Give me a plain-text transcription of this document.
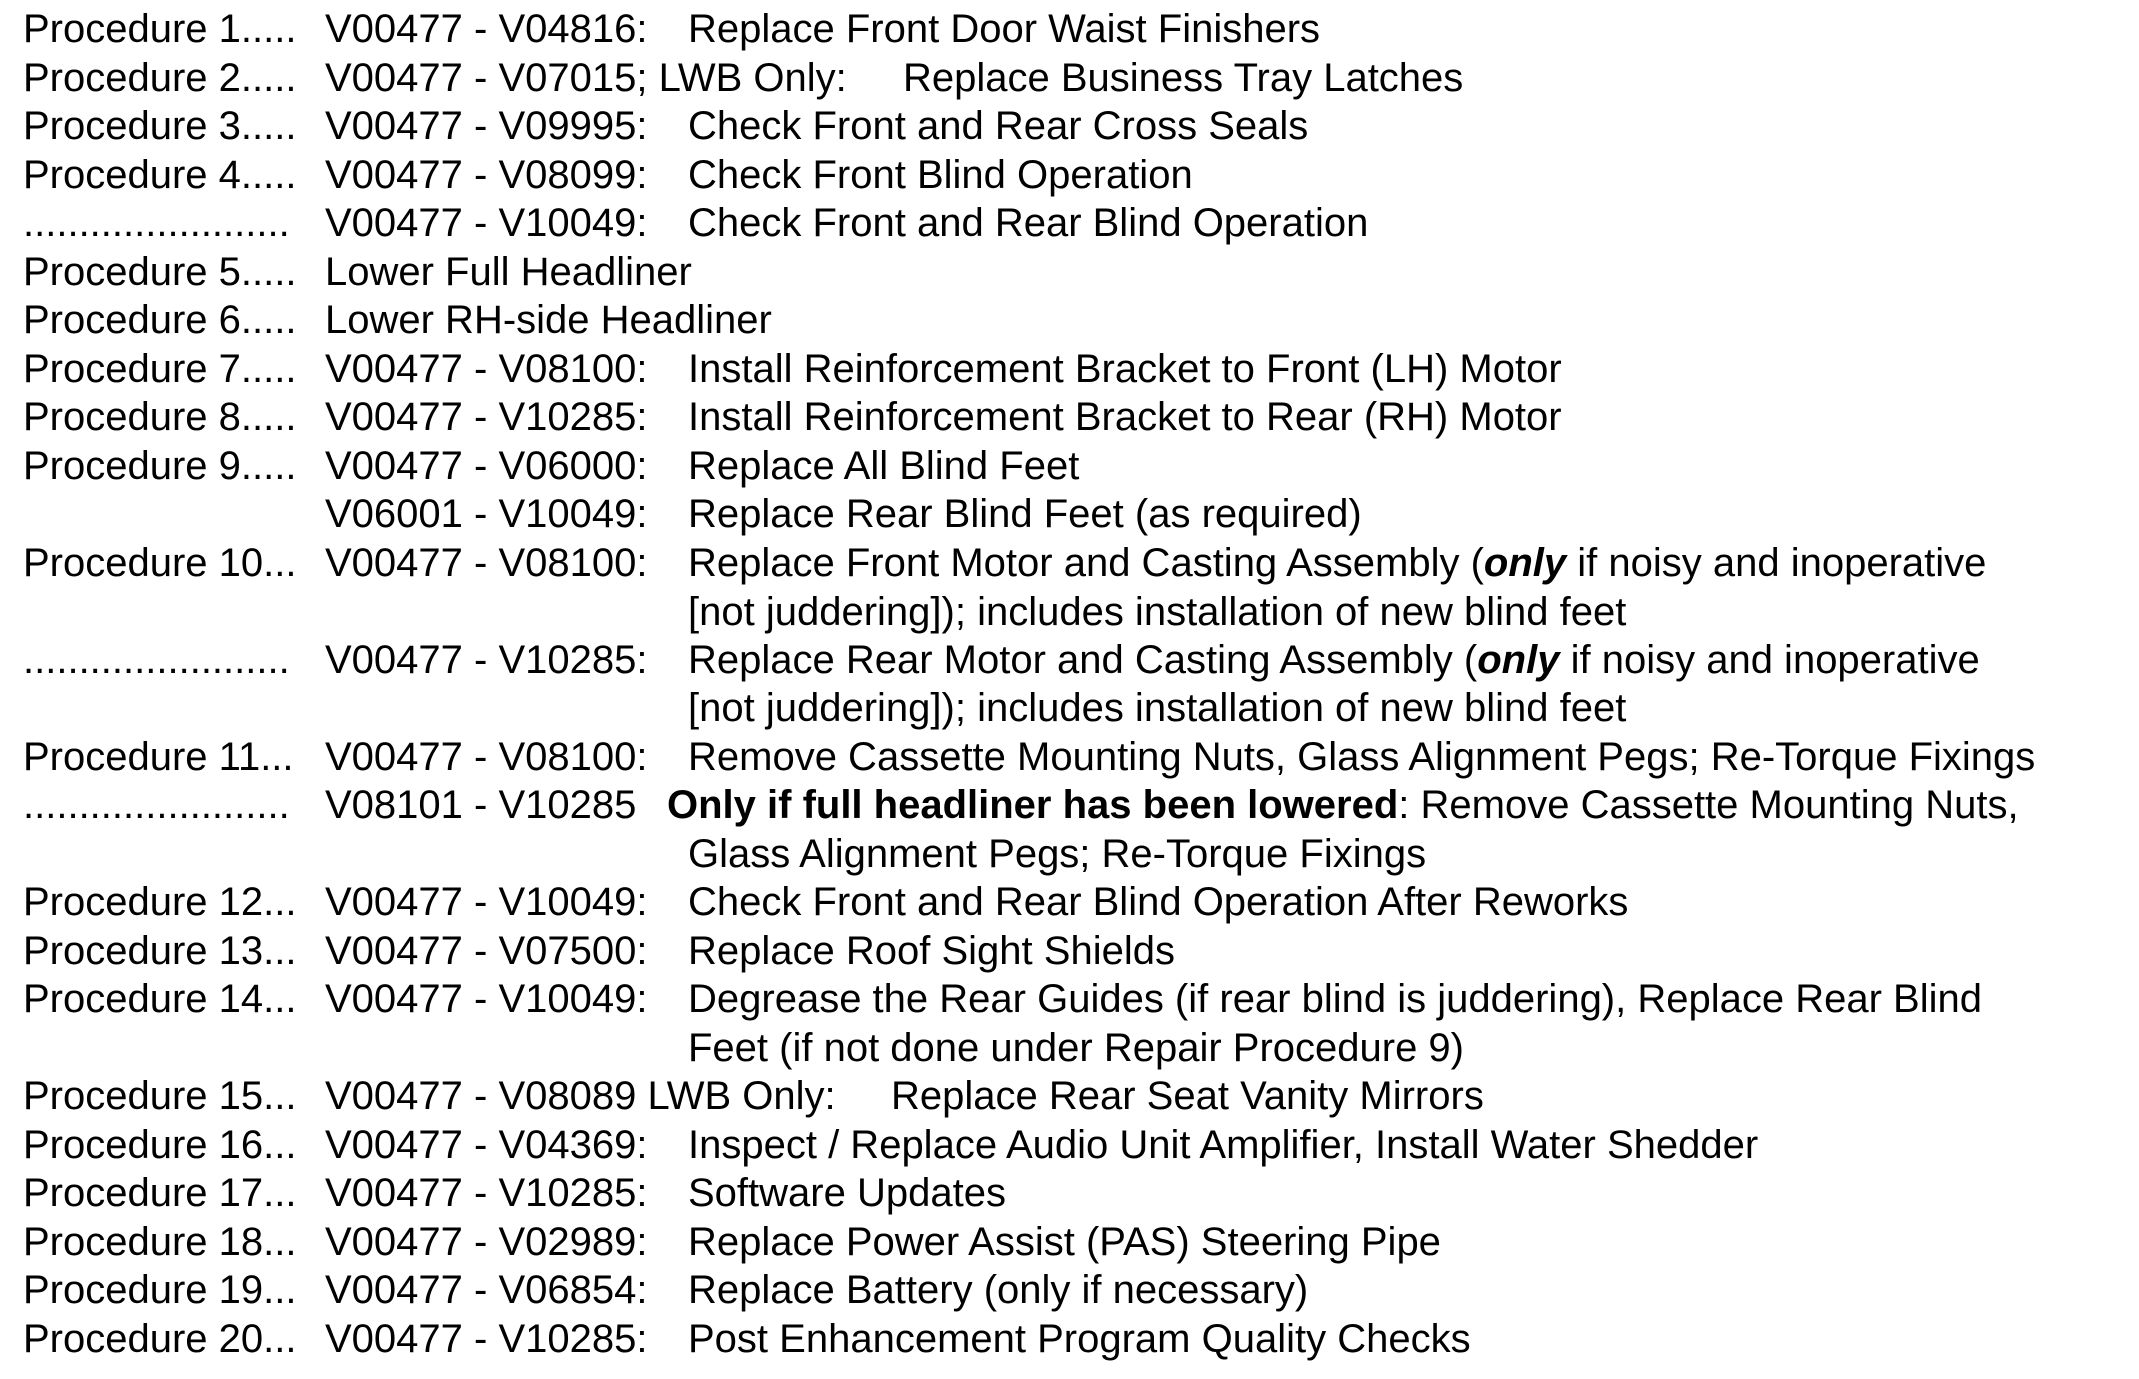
Procedure 1..... V00477 - V04816: Replace Front Door Waist Finishers
Procedure 2..... V00477 - V07015; LWB Only: Replace Business Tray Latches
Procedure 3..... V00477 - V09995: Check Front and Rear Cross Seals
Procedure 4..... V00477 - V08099: Check Front Blind Operation
........................ V00477 - V10049: Check Front and Rear Blind Operation
Procedure 5..... Lower Full Headliner
Procedure 6..... Lower RH-side Headliner
Procedure 7..... V00477 - V08100: Install Reinforcement Bracket to Front (LH) Motor
Procedure 8..... V00477 - V10285: Install Reinforcement Bracket to Rear (RH) Motor
Procedure 9..... V00477 - V06000: Replace All Blind Feet
V06001 - V10049: Replace Rear Blind Feet (as required)
Procedure 10... V00477 - V08100: Replace Front Motor and Casting Assembly (only if noisy and inoperative
[not juddering]); includes installation of new blind feet
........................ V00477 - V10285: Replace Rear Motor and Casting Assembly (only if noisy and inoperative
[not juddering]); includes installation of new blind feet
Procedure 11... V00477 - V08100: Remove Cassette Mounting Nuts, Glass Alignment Pegs; Re-Torque Fixings
........................ V08101 - V10285 Only if full headliner has been lowered: Remove Cassette Mounting Nuts,
Glass Alignment Pegs; Re-Torque Fixings
Procedure 12... V00477 - V10049: Check Front and Rear Blind Operation After Reworks
Procedure 13... V00477 - V07500: Replace Roof Sight Shields
Procedure 14... V00477 - V10049: Degrease the Rear Guides (if rear blind is juddering), Replace Rear Blind
Feet (if not done under Repair Procedure 9)
Procedure 15... V00477 - V08089 LWB Only: Replace Rear Seat Vanity Mirrors
Procedure 16... V00477 - V04369: Inspect / Replace Audio Unit Amplifier, Install Water Shedder
Procedure 17... V00477 - V10285: Software Updates
Procedure 18... V00477 - V02989: Replace Power Assist (PAS) Steering Pipe
Procedure 19... V00477 - V06854: Replace Battery (only if necessary)
Procedure 20... V00477 - V10285: Post Enhancement Program Quality Checks
